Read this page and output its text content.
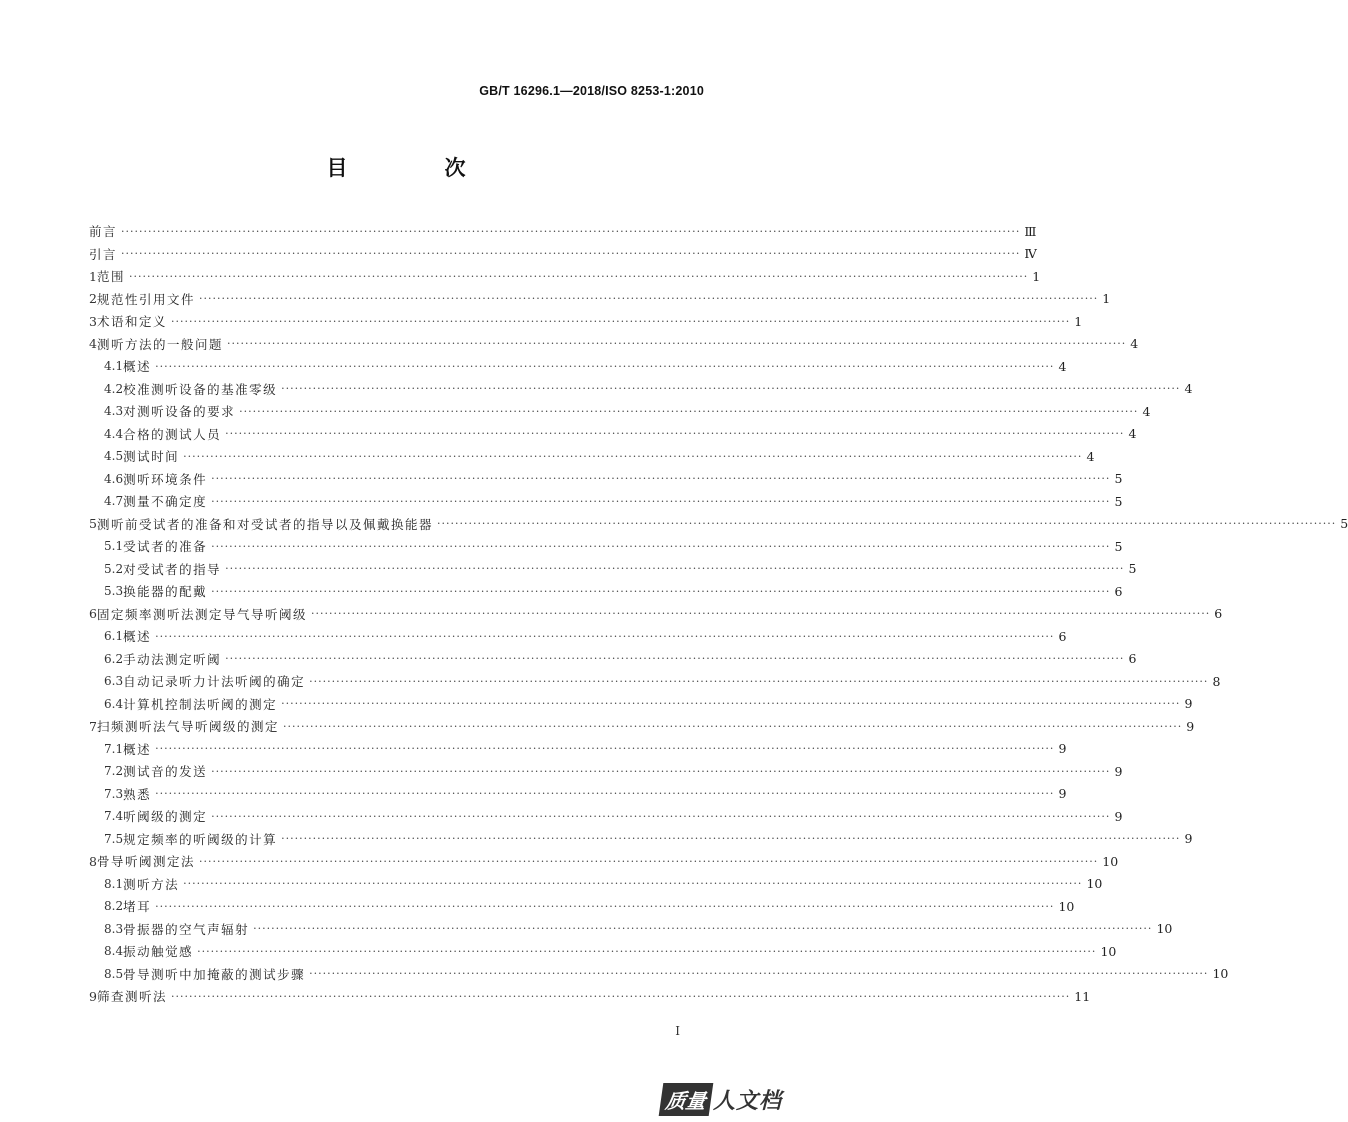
GB/T 16296.1—2018/ISO 8253-1:2010
目　次
前言 ········································································································································································································ Ⅲ
引言 ········································································································································································································ Ⅳ
1 范围 ········································································································································································································ 1
2 规范性引用文件 ········································································································································································································ 1
3 术语和定义 ········································································································································································································ 1
4 测听方法的一般问题 ········································································································································································································ 4
4.1 概述 ········································································································································································································ 4
4.2 校准测听设备的基准零级 ········································································································································································································ 4
4.3 对测听设备的要求 ········································································································································································································ 4
4.4 合格的测试人员 ········································································································································································································ 4
4.5 测试时间 ········································································································································································································ 4
4.6 测听环境条件 ········································································································································································································ 5
4.7 测量不确定度 ········································································································································································································ 5
5 测听前受试者的准备和对受试者的指导以及佩戴换能器 ········································································································································································································ 5
5.1 受试者的准备 ········································································································································································································ 5
5.2 对受试者的指导 ········································································································································································································ 5
5.3 换能器的配戴 ········································································································································································································ 6
6 固定频率测听法测定导气导听阈级 ········································································································································································································ 6
6.1 概述 ········································································································································································································ 6
6.2 手动法测定听阈 ········································································································································································································ 6
6.3 自动记录听力计法听阈的确定 ········································································································································································································ 8
6.4 计算机控制法听阈的测定 ········································································································································································································ 9
7 扫频测听法气导听阈级的测定 ········································································································································································································ 9
7.1 概述 ········································································································································································································ 9
7.2 测试音的发送 ········································································································································································································ 9
7.3 熟悉 ········································································································································································································ 9
7.4 听阈级的测定 ········································································································································································································ 9
7.5 规定频率的听阈级的计算 ········································································································································································································ 9
8 骨导听阈测定法 ········································································································································································································ 10
8.1 测听方法 ········································································································································································································ 10
8.2 堵耳 ········································································································································································································ 10
8.3 骨振器的空气声辐射 ········································································································································································································ 10
8.4 振动触觉感 ········································································································································································································ 10
8.5 骨导测听中加掩蔽的测试步骤 ········································································································································································································ 10
9 筛查测听法 ········································································································································································································ 11
I
质量 人文档
